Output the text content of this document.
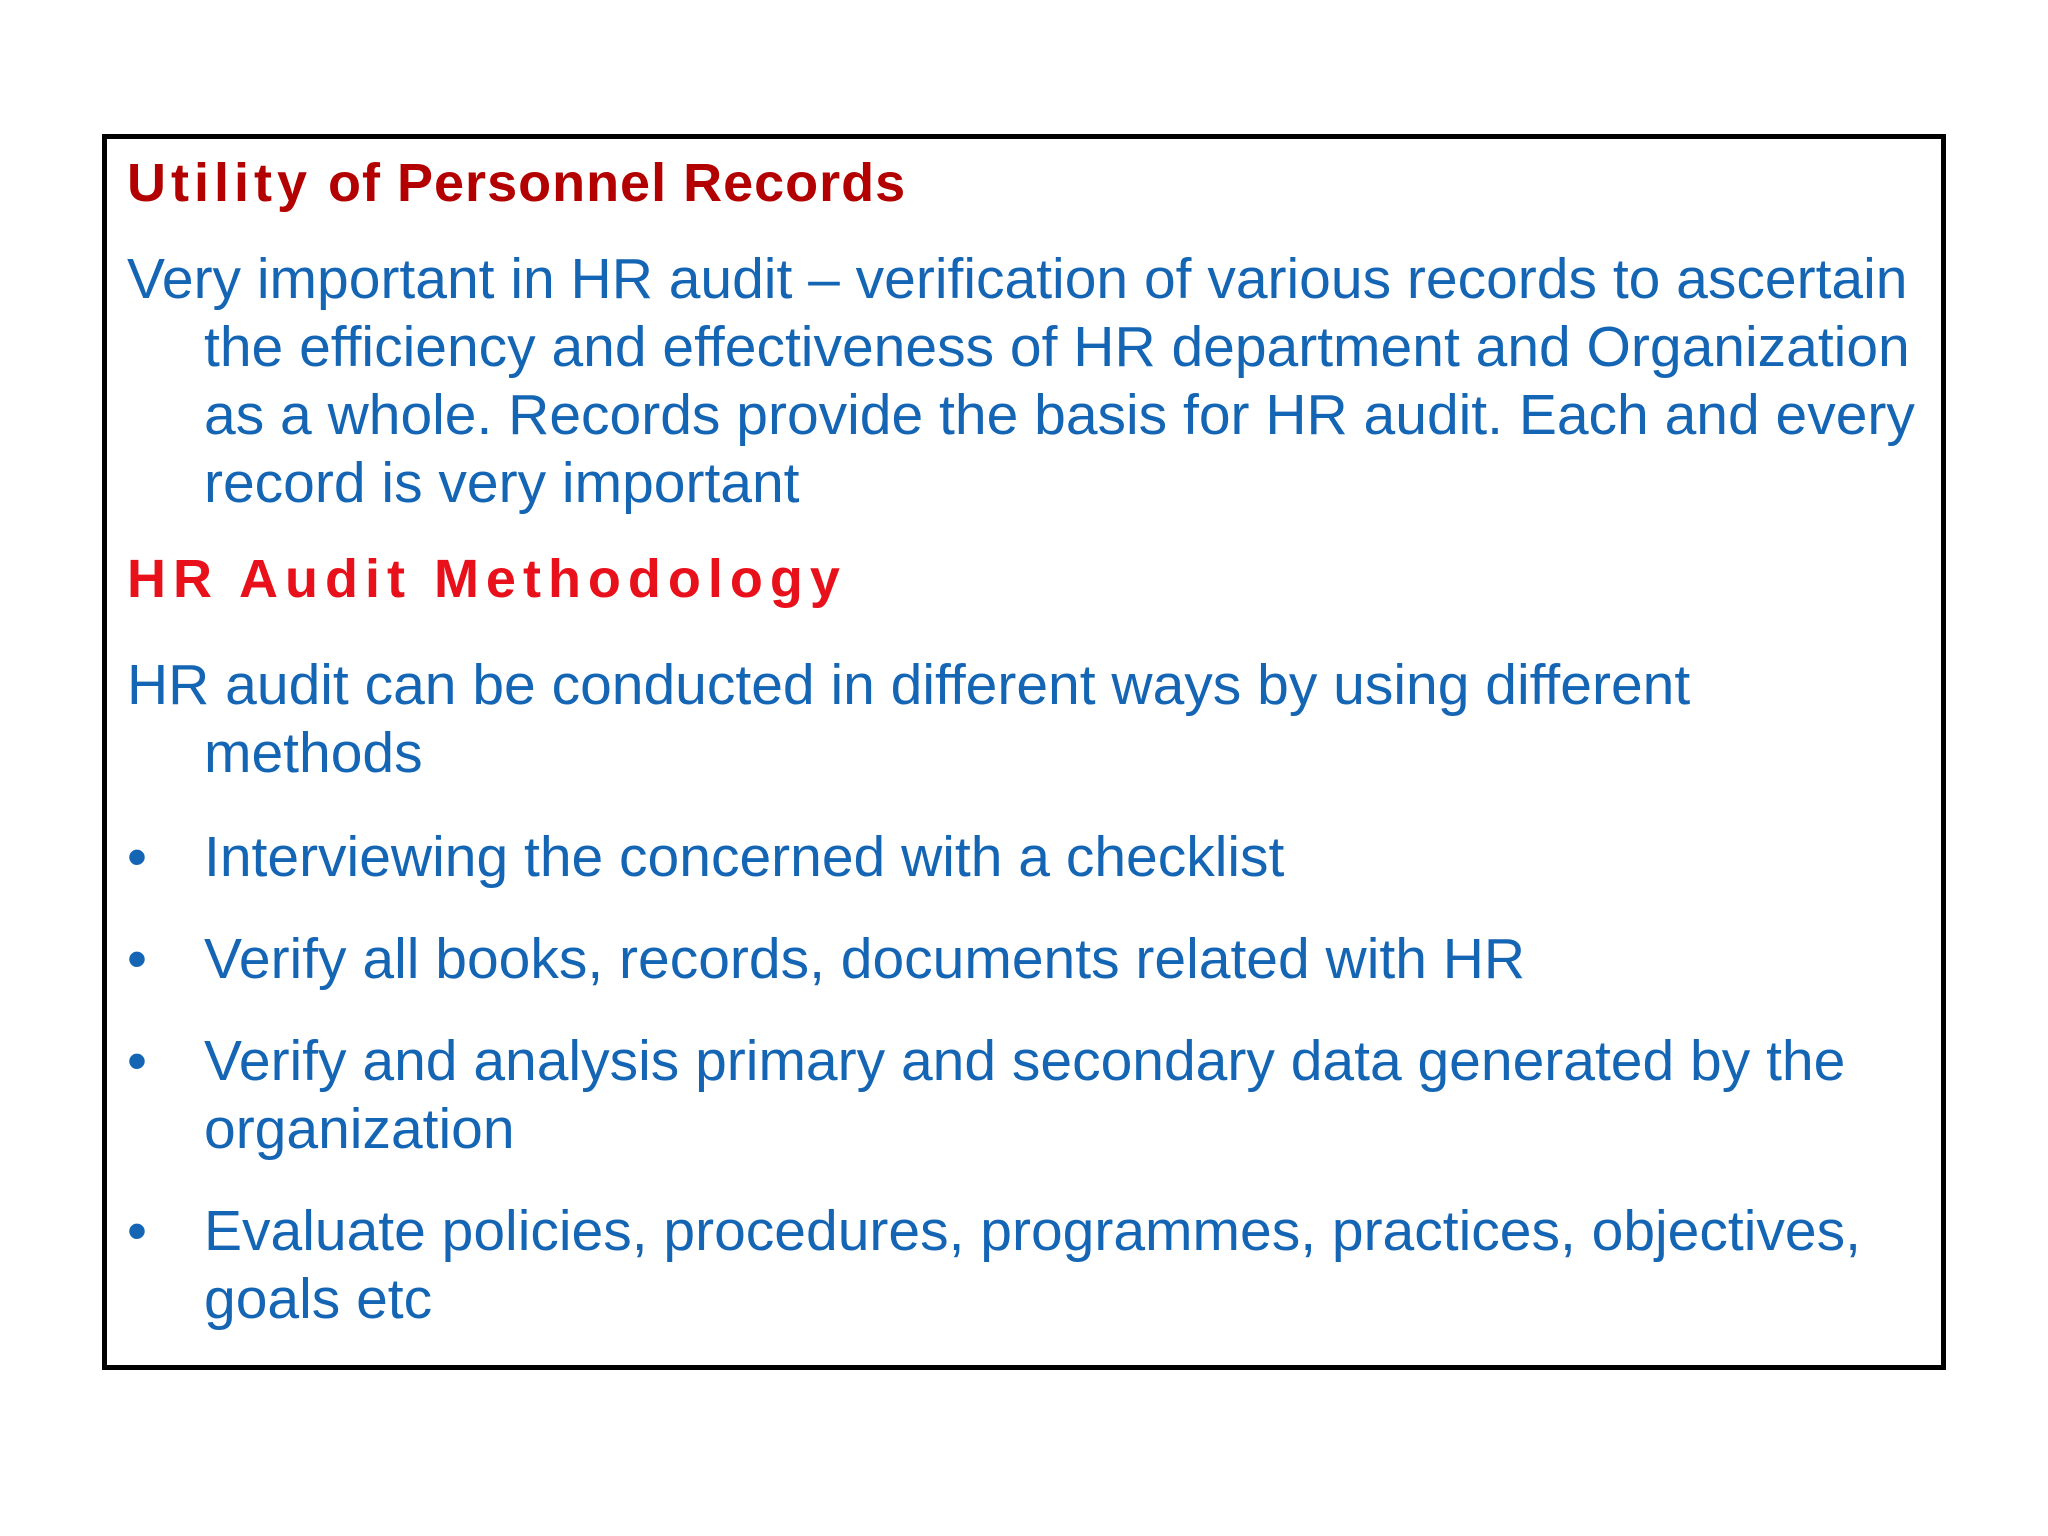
Utility of Personnel Records

Very important in HR audit – verification of various records to ascertain the efficiency and effectiveness of HR department and Organization as a whole. Records provide the basis for HR audit. Each and every record is very important

HR Audit Methodology

HR audit can be conducted in different ways by using different methods

•	Interviewing the concerned with a checklist
•	Verify all books, records, documents related with HR
•	Verify and analysis primary and secondary data generated by the organization
•	Evaluate policies, procedures, programmes, practices, objectives, goals etc
